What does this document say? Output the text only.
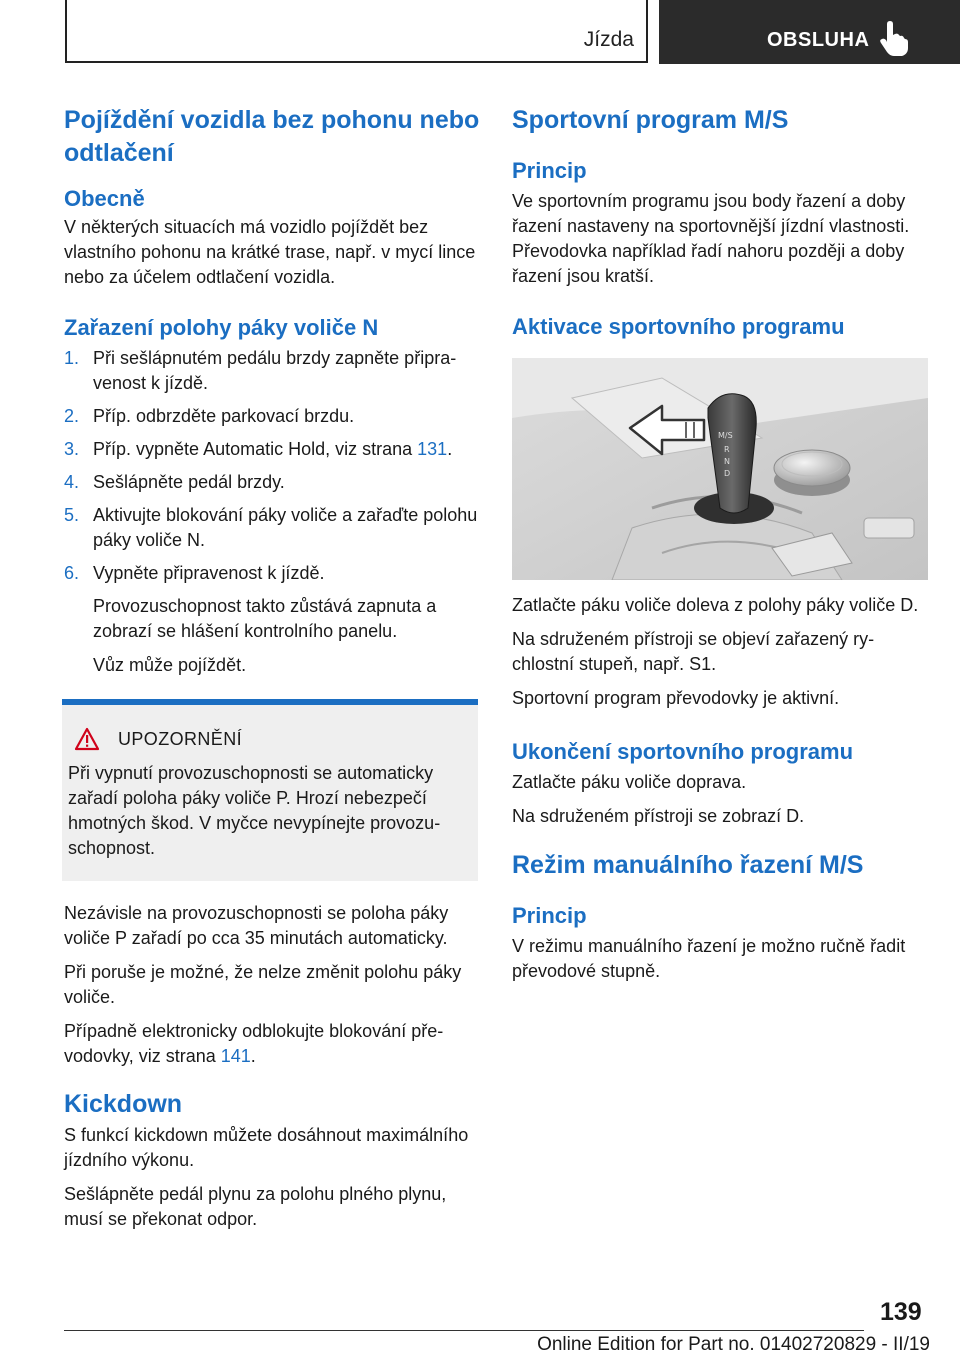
Jízda	OBSLUHA
Pojíždění vozidla bez pohonu nebo odtlačení
Obecně

V některých situacích má vozidlo pojíždět bez vlastního pohonu na krátké trase, např. v mycí lince nebo za účelem odtlačení vozidla.

Zařazení polohy páky voliče N
1. Při sešlápnutém pedálu brzdy zapněte připravenost k jízdě.
2. Příp. odbrzděte parkovací brzdu.
3. Příp. vypněte Automatic Hold, viz strana 131.
4. Sešlápněte pedál brzdy.
5. Aktivujte blokování páky voliče a zařaďte polohu páky voliče N.
6. Vypněte připravenost k jízdě.
Provozuschopnost takto zůstává zapnuta a zobrazí se hlášení kontrolního panelu.
Vůz může pojíždět.
UPOZORNĚNÍ

Při vypnutí provozuschopnosti se automaticky zařadí poloha páky voliče P. Hrozí nebezpečí hmotných škod. V myčce nevypínejte provozuschopnost.

Nezávisle na provozuschopnosti se poloha páky voliče P zařadí po cca 35 minutách automaticky.

Při poruše je možné, že nelze změnit polohu páky voliče.

Případně elektronicky odblokujte blokování převodovky, viz strana 141.

Kickdown

S funkcí kickdown můžete dosáhnout maximálního jízdního výkonu.

Sešlápněte pedál plynu za polohu plného plynu, musí se překonat odpor.

Sportovní program M/S
Princip

Ve sportovním programu jsou body řazení a doby řazení nastaveny na sportovnější jízdní vlastnosti. Převodovka například řadí nahoru později a doby řazení jsou kratší.

Aktivace sportovního programu
M/S
R
N
D

Zatlačte páku voliče doleva z polohy páky voliče D.

Na sdruženém přístroji se objeví zařazený rychlostní stupeň, např. S1.

Sportovní program převodovky je aktivní.

Ukončení sportovního programu

Zatlačte páku voliče doprava.

Na sdruženém přístroji se zobrazí D.

Režim manuálního řazení M/S
Princip

V režimu manuálního řazení je možno ručně řadit převodové stupně.

139
Online Edition for Part no. 01402720829 - II/19
